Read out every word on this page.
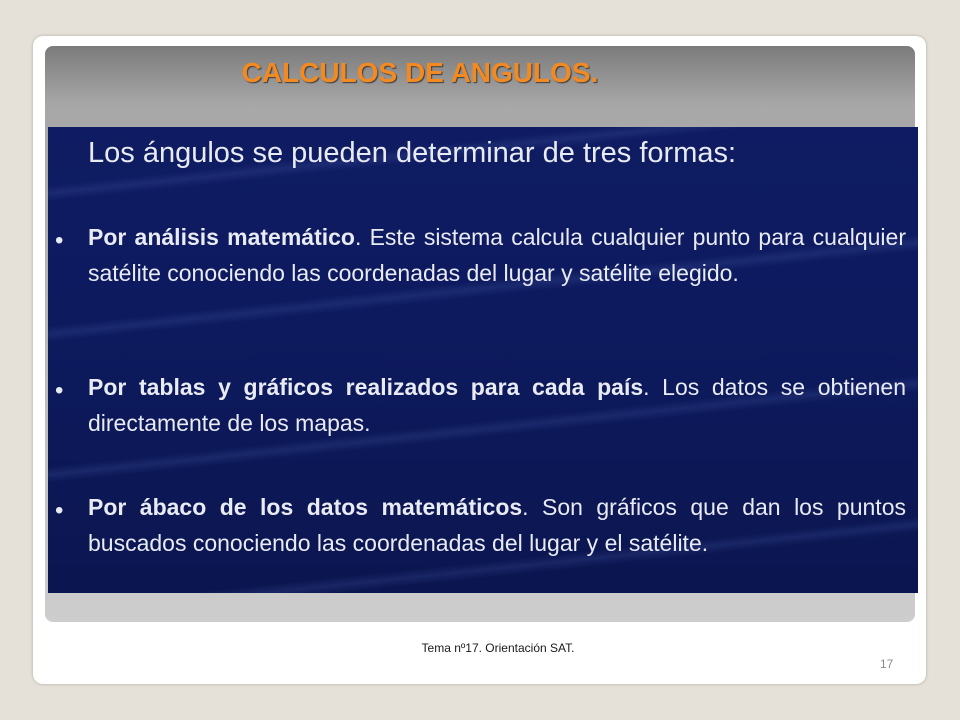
CALCULOS DE ANGULOS.
Los ángulos se pueden determinar de tres formas:
• Por análisis matemático. Este sistema calcula cualquier punto para cualquier satélite conociendo las coordenadas del lugar y satélite elegido.
• Por tablas y gráficos realizados para cada país. Los datos se obtienen directamente de los mapas.
• Por ábaco de los datos matemáticos. Son gráficos que dan los puntos buscados conociendo las coordenadas del lugar y el satélite.
Tema nº17. Orientación SAT.
17
